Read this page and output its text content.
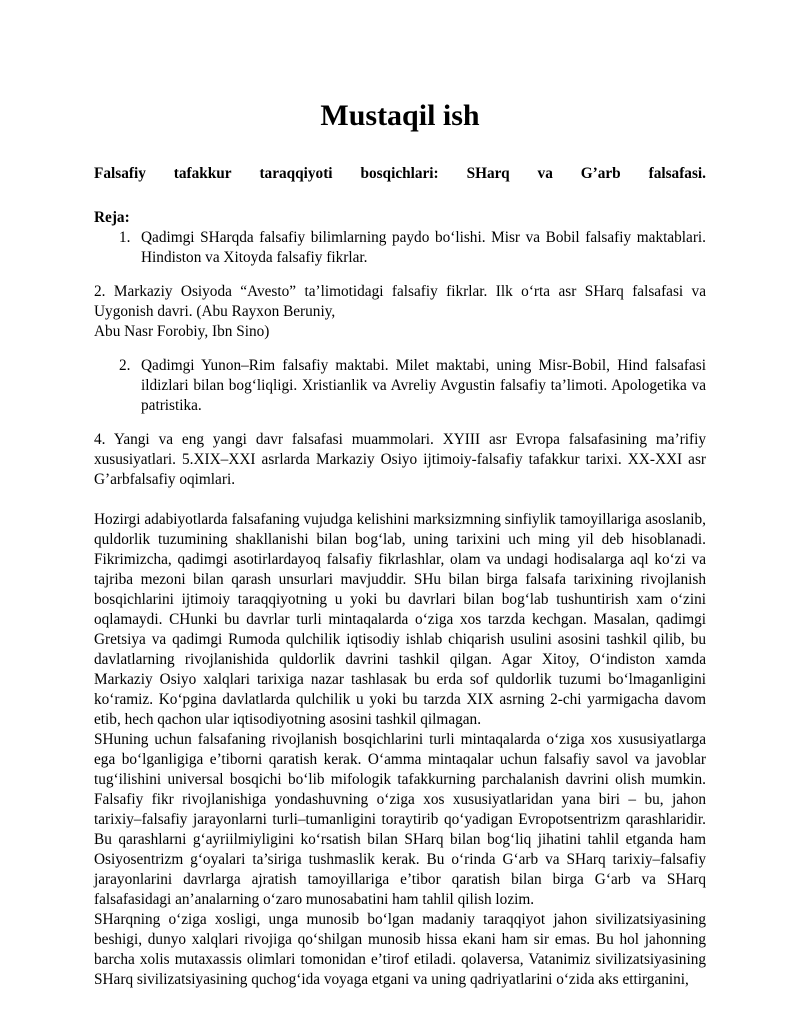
Mustaqil ish
Falsafiy tafakkur taraqqiyoti bosqichlari: SHarq va G’arb falsafasi.
Reja:
1. Qadimgi SHarqda falsafiy bilimlarning paydo bo‘lishi. Misr va Bobil falsafiy maktablari. Hindiston va Xitoyda falsafiy fikrlar.
2. Markaziy Osiyoda “Avesto” ta’limotidagi falsafiy fikrlar. Ilk o‘rta asr SHarq falsafasi va Uygonish davri. (Abu Rayxon Beruniy,
Abu Nasr Forobiy, Ibn Sino)
2. Qadimgi Yunon–Rim falsafiy maktabi. Milet maktabi, uning Misr-Bobil, Hind falsafasi ildizlari bilan bog‘liqligi. Xristianlik va Avreliy Avgustin falsafiy ta’limoti. Apologetika va patristika.
4. Yangi va eng yangi davr falsafasi muammolari. XYIII asr Evropa falsafasining ma’rifiy xususiyatlari. 5.XIX–XXI asrlarda Markaziy Osiyo ijtimoiy-falsafiy tafakkur tarixi. XX-XXI asr G’arbfalsafiy oqimlari.

Hozirgi adabiyotlarda falsafaning vujudga kelishini marksizmning sinfiylik tamoyillariga asoslanib, quldorlik tuzumining shakllanishi bilan bog‘lab, uning tarixini uch ming yil deb hisoblanadi. Fikrimizcha, qadimgi asotirlardayoq falsafiy fikrlashlar, olam va undagi hodisalarga aql ko‘zi va tajriba mezoni bilan qarash unsurlari mavjuddir. SHu bilan birga falsafa tarixining rivojlanish bosqichlarini ijtimoiy taraqqiyotning u yoki bu davrlari bilan bog‘lab tushuntirish xam o‘zini oqlamaydi. CHunki bu davrlar turli mintaqalarda o‘ziga xos tarzda kechgan. Masalan, qadimgi Gretsiya va qadimgi Rumoda qulchilik iqtisodiy ishlab chiqarish usulini asosini tashkil qilib, bu davlatlarning rivojlanishida quldorlik davrini tashkil qilgan. Agar Xitoy, O‘indiston xamda Markaziy Osiyo xalqlari tarixiga nazar tashlasak bu erda sof quldorlik tuzumi bo‘lmaganligini ko‘ramiz. Ko‘pgina davlatlarda qulchilik u yoki bu tarzda XIX asrning 2-chi yarmigacha davom etib, hech qachon ular iqtisodiyotning asosini tashkil qilmagan.

SHuning uchun falsafaning rivojlanish bosqichlarini turli mintaqalarda o‘ziga xos xususiyatlarga ega bo‘lganligiga e’tiborni qaratish kerak. O‘amma mintaqalar uchun falsafiy savol va javoblar tug‘ilishini universal bosqichi bo‘lib mifologik tafakkurning parchalanish davrini olish mumkin. Falsafiy fikr rivojlanishiga yondashuvning o‘ziga xos xususiyatlaridan yana biri – bu, jahon tarixiy–falsafiy jarayonlarni turli–tumanligini toraytirib qo‘yadigan Evropotsentrizm qarashlaridir. Bu qarashlarni g‘ayriilmiyligini ko‘rsatish bilan SHarq bilan bog‘liq jihatini tahlil etganda ham Osiyosentrizm g‘oyalari ta’siriga tushmaslik kerak. Bu o‘rinda G‘arb va SHarq tarixiy–falsafiy jarayonlarini davrlarga ajratish tamoyillariga e’tibor qaratish bilan birga G‘arb va SHarq falsafasidagi an’analarning o‘zaro munosabatini ham tahlil qilish lozim.

SHarqning o‘ziga xosligi, unga munosib bo‘lgan madaniy taraqqiyot jahon sivilizatsiyasining beshigi, dunyo xalqlari rivojiga qo‘shilgan munosib hissa ekani ham sir emas. Bu hol jahonning barcha xolis mutaxassis olimlari tomonidan e’tirof etiladi. qolaversa, Vatanimiz sivilizatsiyasining SHarq sivilizatsiyasining quchog‘ida voyaga etgani va uning qadriyatlarini o‘zida aks ettirganini,
